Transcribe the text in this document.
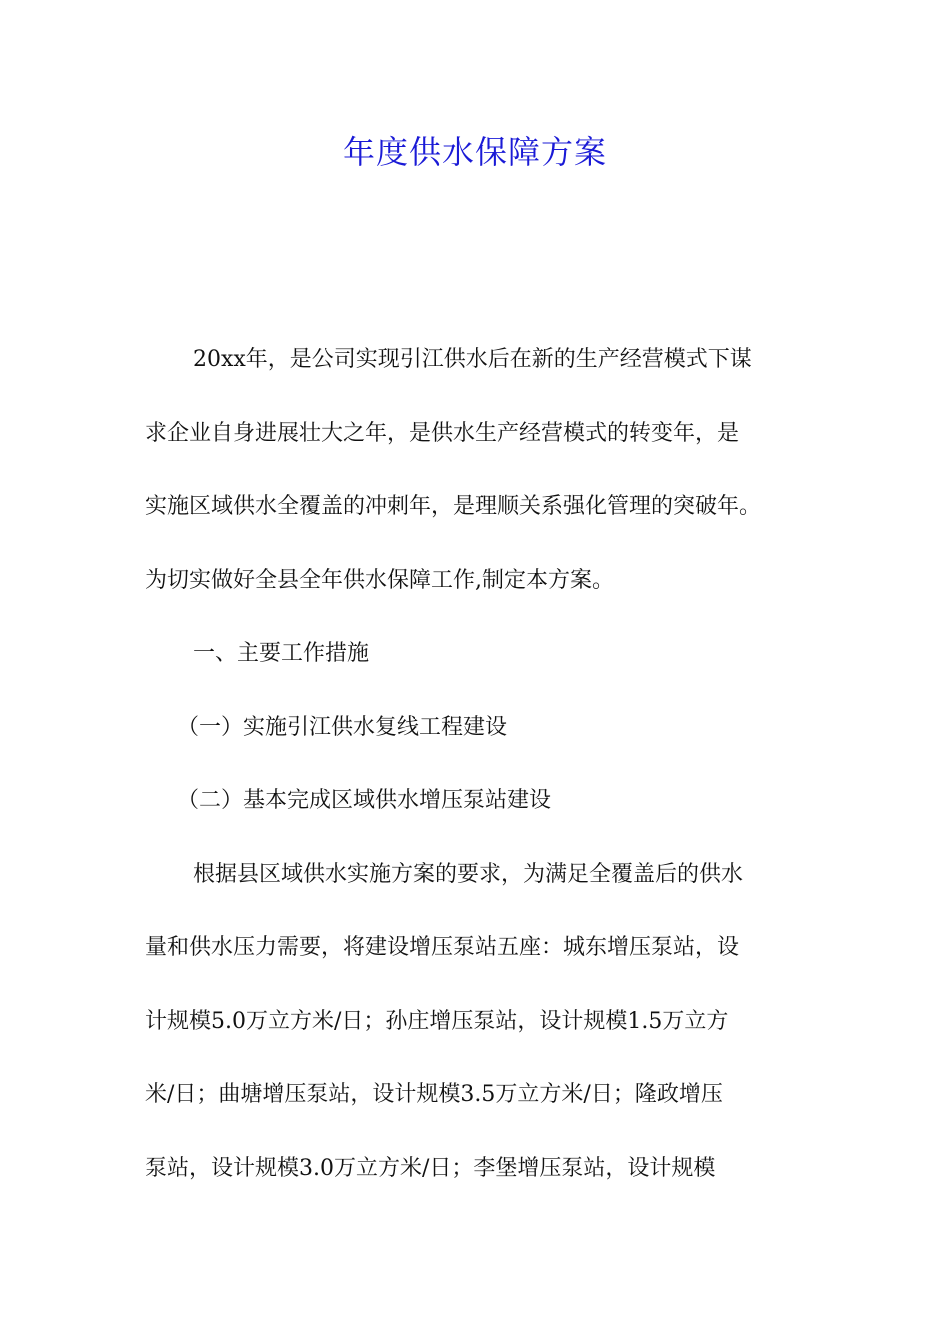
年度供水保障方案
20xx年，是公司实现引江供水后在新的生产经营模式下谋
求企业自身进展壮大之年，是供水生产经营模式的转变年，是
实施区域供水全覆盖的冲刺年，是理顺关系强化管理的突破年。
为切实做好全县全年供水保障工作,制定本方案。
一、主要工作措施
（一）实施引江供水复线工程建设
（二）基本完成区域供水增压泵站建设
根据县区域供水实施方案的要求，为满足全覆盖后的供水
量和供水压力需要，将建设增压泵站五座：城东增压泵站，设
计规模5.0万立方米/日；孙庄增压泵站，设计规模1.5万立方
米/日；曲塘增压泵站，设计规模3.5万立方米/日；隆政增压
泵站，设计规模3.0万立方米/日；李堡增压泵站，设计规模
